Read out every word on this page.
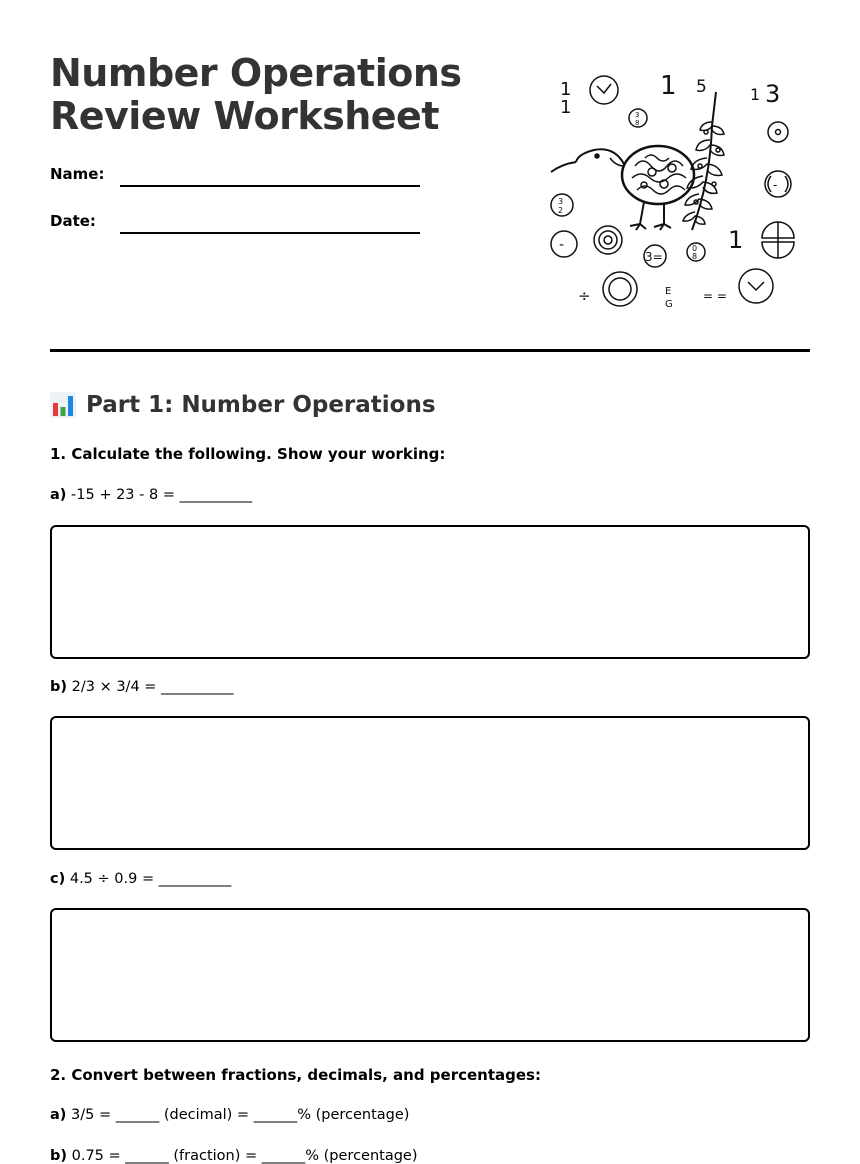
Number Operations
Review Worksheet
Name:
Date:
1
1
1 5	1 3
3
8
-
3
2
1
-
3=
0
8
÷	E
G
= =
Part 1: Number Operations
1. Calculate the following. Show your working:
a) -15 + 23 - 8 = __________
b) 2/3 × 3/4 = __________
c) 4.5 ÷ 0.9 = __________
2. Convert between fractions, decimals, and percentages:
a) 3/5 = ______ (decimal) = ______% (percentage)
b) 0.75 = ______ (fraction) = ______% (percentage)
